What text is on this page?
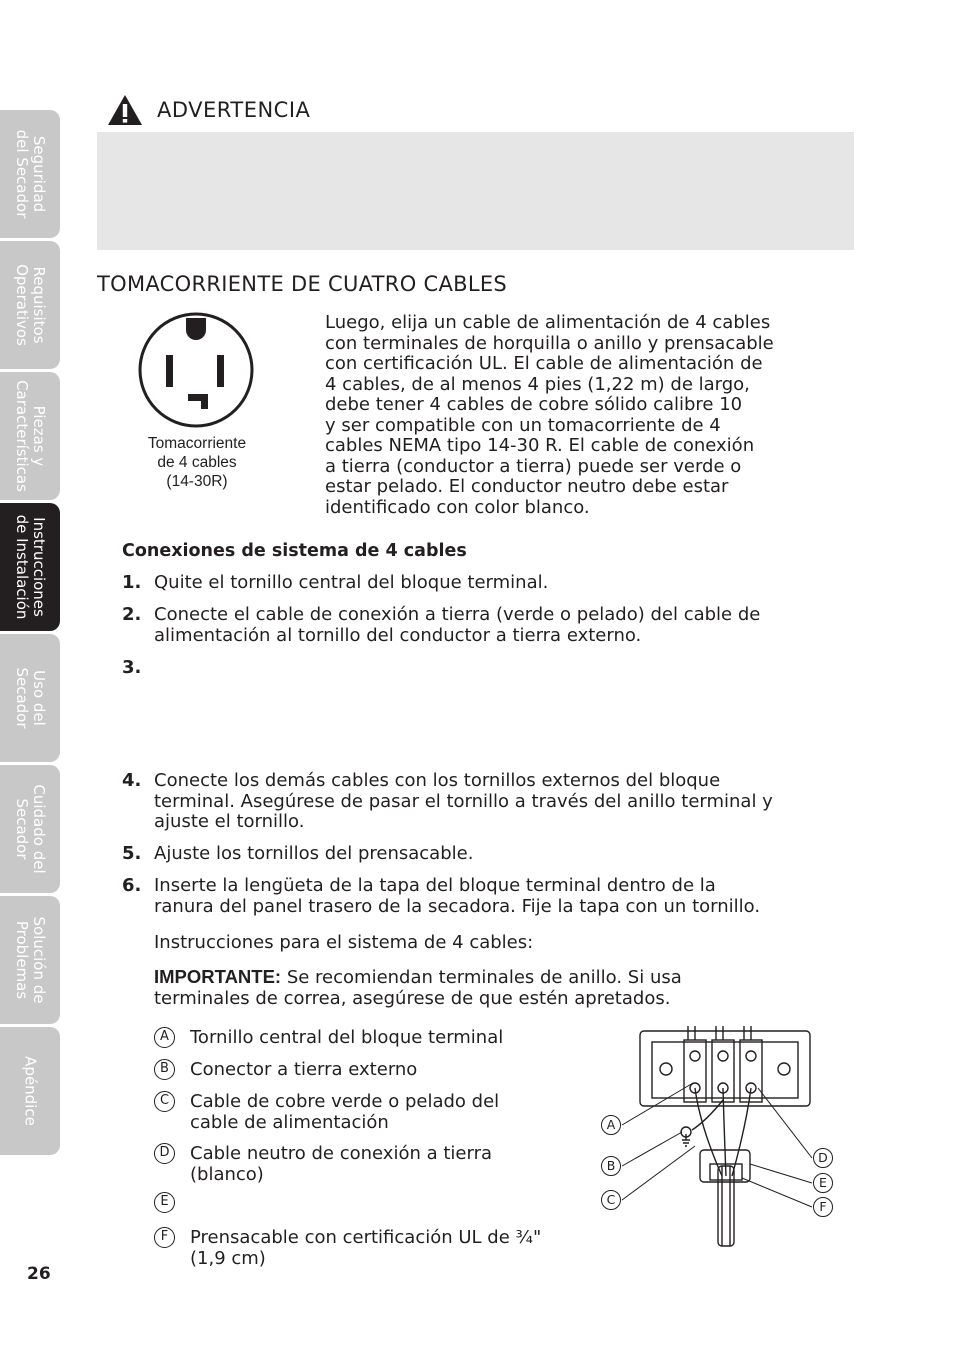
Seguridad
del Secador
Requisitos
Operativos
Piezas y
Características
Instrucciones
de Instalación
Uso del
Secador
Cuidado del
Secador
Solución de
Problemas
Apéndice
26
ADVERTENCIA
TOMACORRIENTE DE CUATRO CABLES
Tomacorriente
de 4 cables
(14-30R)
Luego, elija un cable de alimentación de 4 cables
con terminales de horquilla o anillo y prensacable
con certificación UL. El cable de alimentación de
4 cables, de al menos 4 pies (1,22 m) de largo,
debe tener 4 cables de cobre sólido calibre 10
y ser compatible con un tomacorriente de 4
cables NEMA tipo 14-30 R. El cable de conexión
a tierra (conductor a tierra) puede ser verde o
estar pelado. El conductor neutro debe estar
identificado con color blanco.
Conexiones de sistema de 4 cables
1. Quite el tornillo central del bloque terminal.
2. Conecte el cable de conexión a tierra (verde o pelado) del cable de
alimentación al tornillo del conductor a tierra externo.
3.
4. Conecte los demás cables con los tornillos externos del bloque
terminal. Asegúrese de pasar el tornillo a través del anillo terminal y
ajuste el tornillo.
5. Ajuste los tornillos del prensacable.
6. Inserte la lengüeta de la tapa del bloque terminal dentro de la
ranura del panel trasero de la secadora. Fije la tapa con un tornillo.
Instrucciones para el sistema de 4 cables:
IMPORTANTE: Se recomiendan terminales de anillo. Si usa
terminales de correa, asegúrese de que estén apretados.
A	Tornillo central del bloque terminal
B	Conector a tierra externo
C	Cable de cobre verde o pelado del
cable de alimentación
D	Cable neutro de conexión a tierra
(blanco)
E
F	Prensacable con certificación UL de ¾"
(1,9 cm)
A
B
C
D
E
F
